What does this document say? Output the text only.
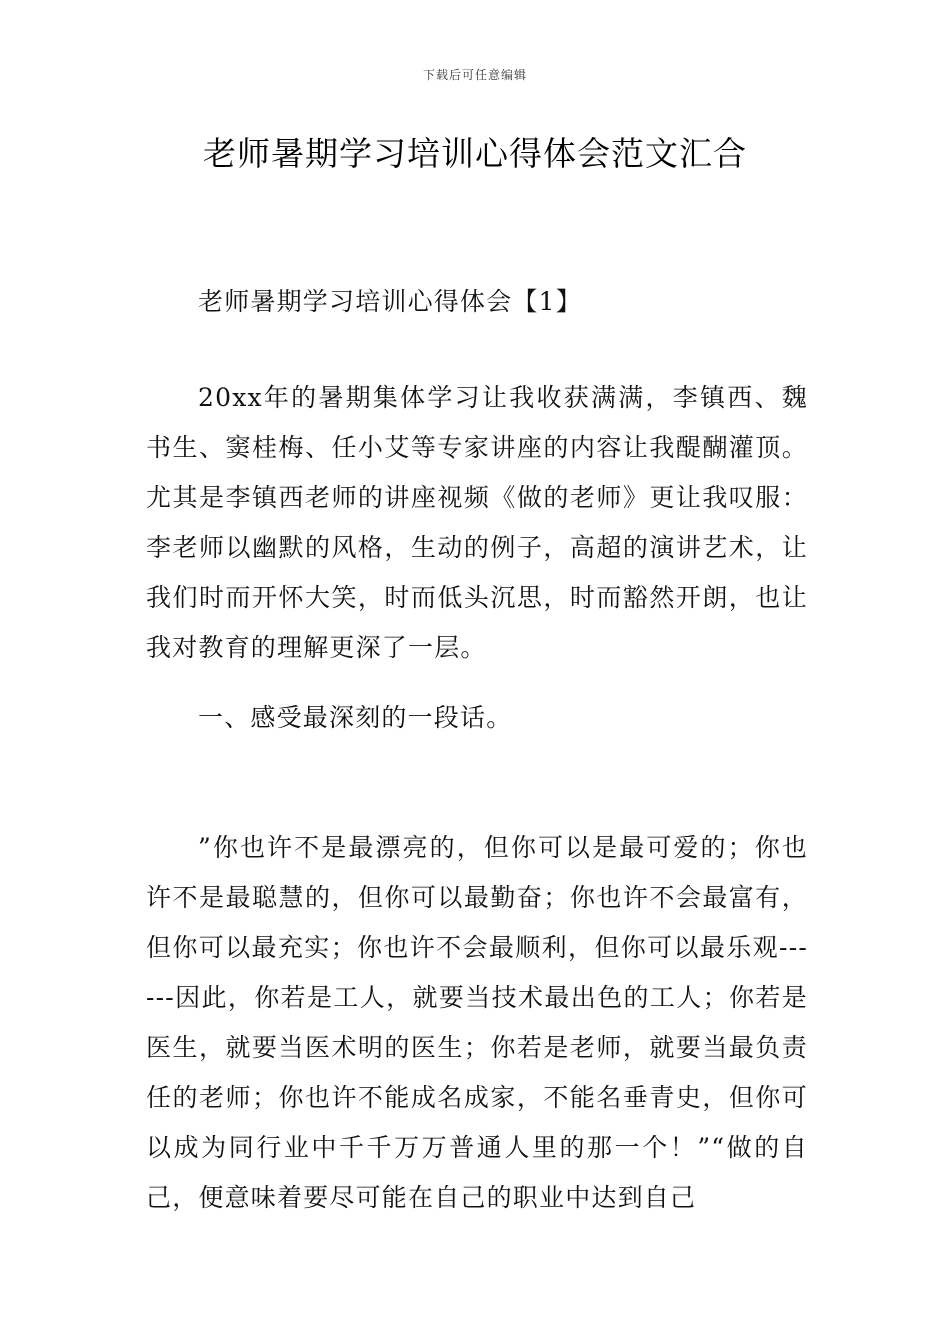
下载后可任意编辑
老师暑期学习培训心得体会范文汇合

老师暑期学习培训心得体会【1】

20xx年的暑期集体学习让我收获满满，李镇西、魏书生、窦桂梅、任小艾等专家讲座的内容让我醍醐灌顶。尤其是李镇西老师的讲座视频《做的老师》更让我叹服：李老师以幽默的风格，生动的例子，高超的演讲艺术，让我们时而开怀大笑，时而低头沉思，时而豁然开朗，也让我对教育的理解更深了一层。

一、感受最深刻的一段话。

”你也许不是最漂亮的，但你可以是最可爱的；你也许不是最聪慧的，但你可以最勤奋；你也许不会最富有，但你可以最充实；你也许不会最顺利，但你可以最乐观------因此，你若是工人，就要当技术最出色的工人；你若是医生，就要当医术明的医生；你若是老师，就要当最负责任的老师；你也许不能成名成家，不能名垂青史，但你可以成为同行业中千千万万普通人里的那一个！”“做的自己，便意味着要尽可能在自己的职业中达到自己
